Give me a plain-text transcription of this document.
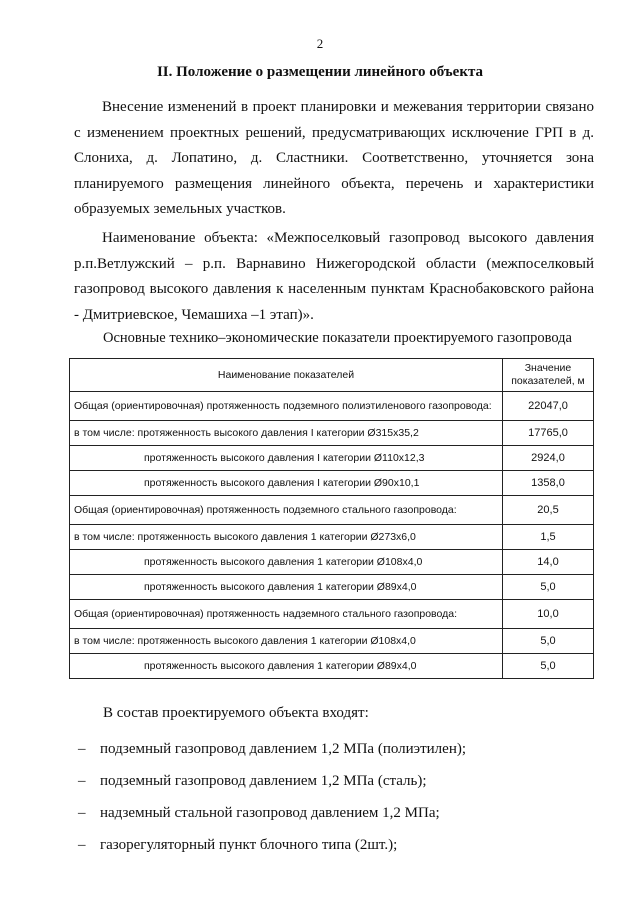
2
II. Положение о размещении линейного объекта
Внесение изменений в проект планировки и межевания территории связано с изменением проектных решений, предусматривающих исключение ГРП в д. Слониха, д. Лопатино, д. Сластники. Соответственно, уточняется зона планируемого размещения линейного объекта, перечень и характеристики образуемых земельных участков.
Наименование объекта: «Межпоселковый газопровод высокого давления р.п.Ветлужский – р.п. Варнавино Нижегородской области (межпоселковый газопровод высокого давления к населенным пунктам Краснобаковского района - Дмитриевское, Чемашиха –1 этап)».
Основные технико–экономические показатели проектируемого газопровода
Наименование показателей	Значение показателей, м
Общая (ориентировочная) протяженность подземного полиэтиленового газопровода:	22047,0
в том числе: протяженность высокого давления I категории Ø315x35,2	17765,0
протяженность высокого давления I категории Ø110x12,3	2924,0
протяженность высокого давления I категории Ø90x10,1	1358,0
Общая (ориентировочная) протяженность подземного стального газопровода:	20,5
в том числе: протяженность высокого давления 1 категории Ø273x6,0	1,5
протяженность высокого давления 1 категории Ø108x4,0	14,0
протяженность высокого давления 1 категории Ø89x4,0	5,0
Общая (ориентировочная) протяженность надземного стального газопровода:	10,0
в том числе: протяженность высокого давления 1 категории Ø108x4,0	5,0
протяженность высокого давления 1 категории Ø89x4,0	5,0
В состав проектируемого объекта входят:
– подземный газопровод давлением 1,2 МПа (полиэтилен);
– подземный газопровод давлением 1,2 МПа (сталь);
– надземный стальной газопровод давлением 1,2 МПа;
– газорегуляторный пункт блочного типа (2шт.);
